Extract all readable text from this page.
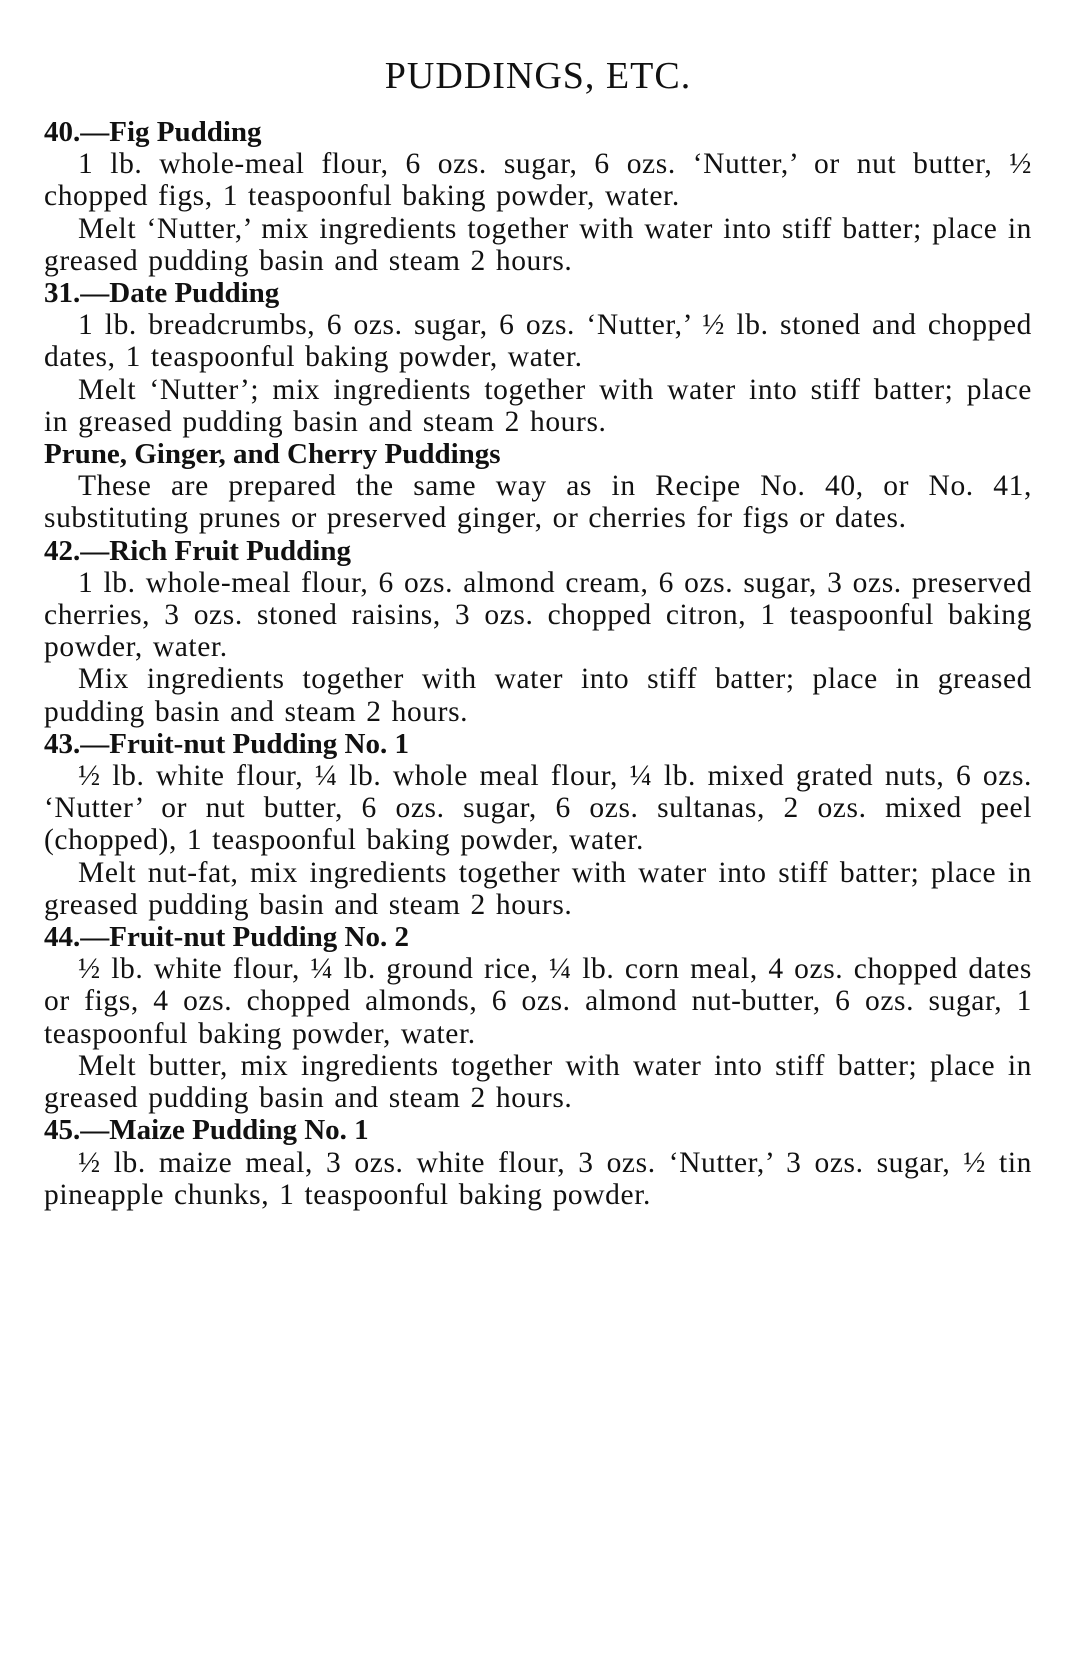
PUDDINGS, ETC.
40.—Fig Pudding

1 lb. whole-meal flour, 6 ozs. sugar, 6 ozs. ‘Nutter,’ or nut butter, ½ chopped figs, 1 teaspoonful baking powder, water.

Melt ‘Nutter,’ mix ingredients together with water into stiff batter; place in greased pudding basin and steam 2 hours.

31.—Date Pudding

1 lb. breadcrumbs, 6 ozs. sugar, 6 ozs. ‘Nutter,’ ½ lb. stoned and chopped dates, 1 teaspoonful baking powder, water.

Melt ‘Nutter’; mix ingredients together with water into stiff batter; place in greased pudding basin and steam 2 hours.

Prune, Ginger, and Cherry Puddings

These are prepared the same way as in Recipe No. 40, or No. 41, substituting prunes or preserved ginger, or cherries for figs or dates.

42.—Rich Fruit Pudding

1 lb. whole-meal flour, 6 ozs. almond cream, 6 ozs. sugar, 3 ozs. preserved cherries, 3 ozs. stoned raisins, 3 ozs. chopped citron, 1 teaspoonful baking powder, water.

Mix ingredients together with water into stiff batter; place in greased pudding basin and steam 2 hours.

43.—Fruit-nut Pudding No. 1

½ lb. white flour, ¼ lb. whole meal flour, ¼ lb. mixed grated nuts, 6 ozs. ‘Nutter’ or nut butter, 6 ozs. sugar, 6 ozs. sultanas, 2 ozs. mixed peel (chopped), 1 teaspoonful baking powder, water.

Melt nut-fat, mix ingredients together with water into stiff batter; place in greased pudding basin and steam 2 hours.

44.—Fruit-nut Pudding No. 2

½ lb. white flour, ¼ lb. ground rice, ¼ lb. corn meal, 4 ozs. chopped dates or figs, 4 ozs. chopped almonds, 6 ozs. almond nut-butter, 6 ozs. sugar, 1 teaspoonful baking powder, water.

Melt butter, mix ingredients together with water into stiff batter; place in greased pudding basin and steam 2 hours.

45.—Maize Pudding No. 1

½ lb. maize meal, 3 ozs. white flour, 3 ozs. ‘Nutter,’ 3 ozs. sugar, ½ tin pineapple chunks, 1 teaspoonful baking powder.
